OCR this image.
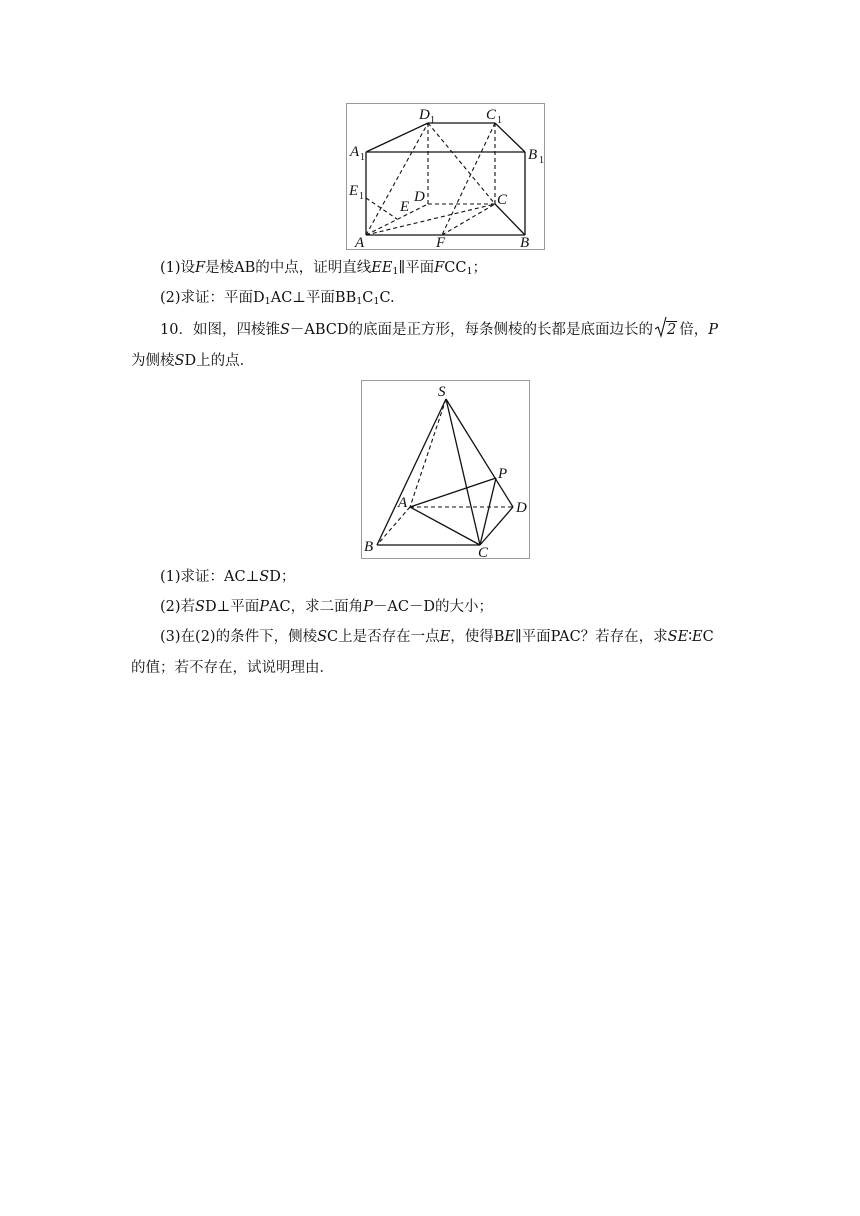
A 1
D 1	C 1
B 1
E 1	D
E	C
A	F	B
(1)设F是棱AB的中点，证明直线$EE_1\parallel$平面$FCC_1$；
(2)求证：平面$D_1AC\perp$平面$BB_1C_1C$.
10．如图，四棱锥S－ABCD的底面是正方形，每条侧棱的长都是底面边长的 2 倍，P
为侧棱SD上的点．
S
P
A	D
B	C
(1)求证：AC⊥SD；
(2)若SD⊥平面PAC，求二面角P－AC－D的大小；
(3)在(2)的条件下，侧棱SC上是否存在一点E，使得BE∥平面PAC？若存在，求SE∶EC
的值；若不存在，试说明理由．
